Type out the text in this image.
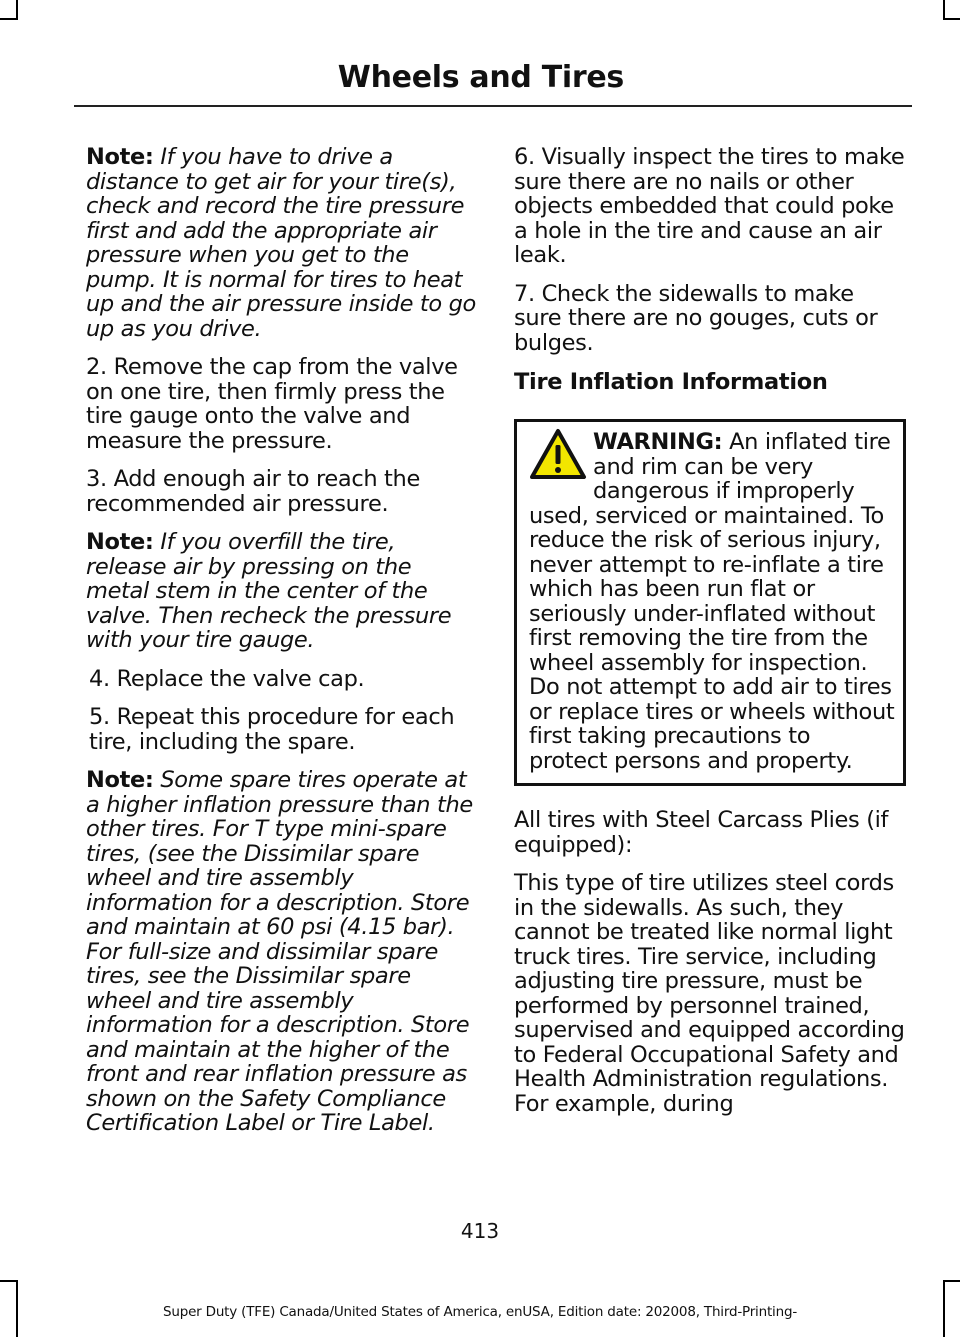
Wheels and Tires

Note: If you have to drive a distance to get air for your tire(s), check and record the tire pressure first and add the appropriate air pressure when you get to the pump. It is normal for tires to heat up and the air pressure inside to go up as you drive.

2. Remove the cap from the valve on one tire, then firmly press the tire gauge onto the valve and measure the pressure.

3. Add enough air to reach the recommended air pressure.

Note: If you overfill the tire, release air by pressing on the metal stem in the center of the valve. Then recheck the pressure with your tire gauge.

4. Replace the valve cap.

5. Repeat this procedure for each tire, including the spare.

Note: Some spare tires operate at a higher inflation pressure than the other tires. For T type mini-spare tires, (see the Dissimilar spare wheel and tire assembly information for a description. Store and maintain at 60 psi (4.15 bar). For full-size and dissimilar spare tires, see the Dissimilar spare wheel and tire assembly information for a description. Store and maintain at the higher of the front and rear inflation pressure as shown on the Safety Compliance Certification Label or Tire Label.

6. Visually inspect the tires to make sure there are no nails or other objects embedded that could poke a hole in the tire and cause an air leak.

7. Check the sidewalls to make sure there are no gouges, cuts or bulges.

Tire Inflation Information

WARNING: An inflated tire and rim can be very dangerous if improperly used, serviced or maintained. To reduce the risk of serious injury, never attempt to re-inflate a tire which has been run flat or seriously under-inflated without first removing the tire from the wheel assembly for inspection. Do not attempt to add air to tires or replace tires or wheels without first taking precautions to protect persons and property.

All tires with Steel Carcass Plies (if equipped):

This type of tire utilizes steel cords in the sidewalls. As such, they cannot be treated like normal light truck tires. Tire service, including adjusting tire pressure, must be performed by personnel trained, supervised and equipped according to Federal Occupational Safety and Health Administration regulations. For example, during

413
Super Duty (TFE) Canada/United States of America, enUSA, Edition date: 202008, Third-Printing-
